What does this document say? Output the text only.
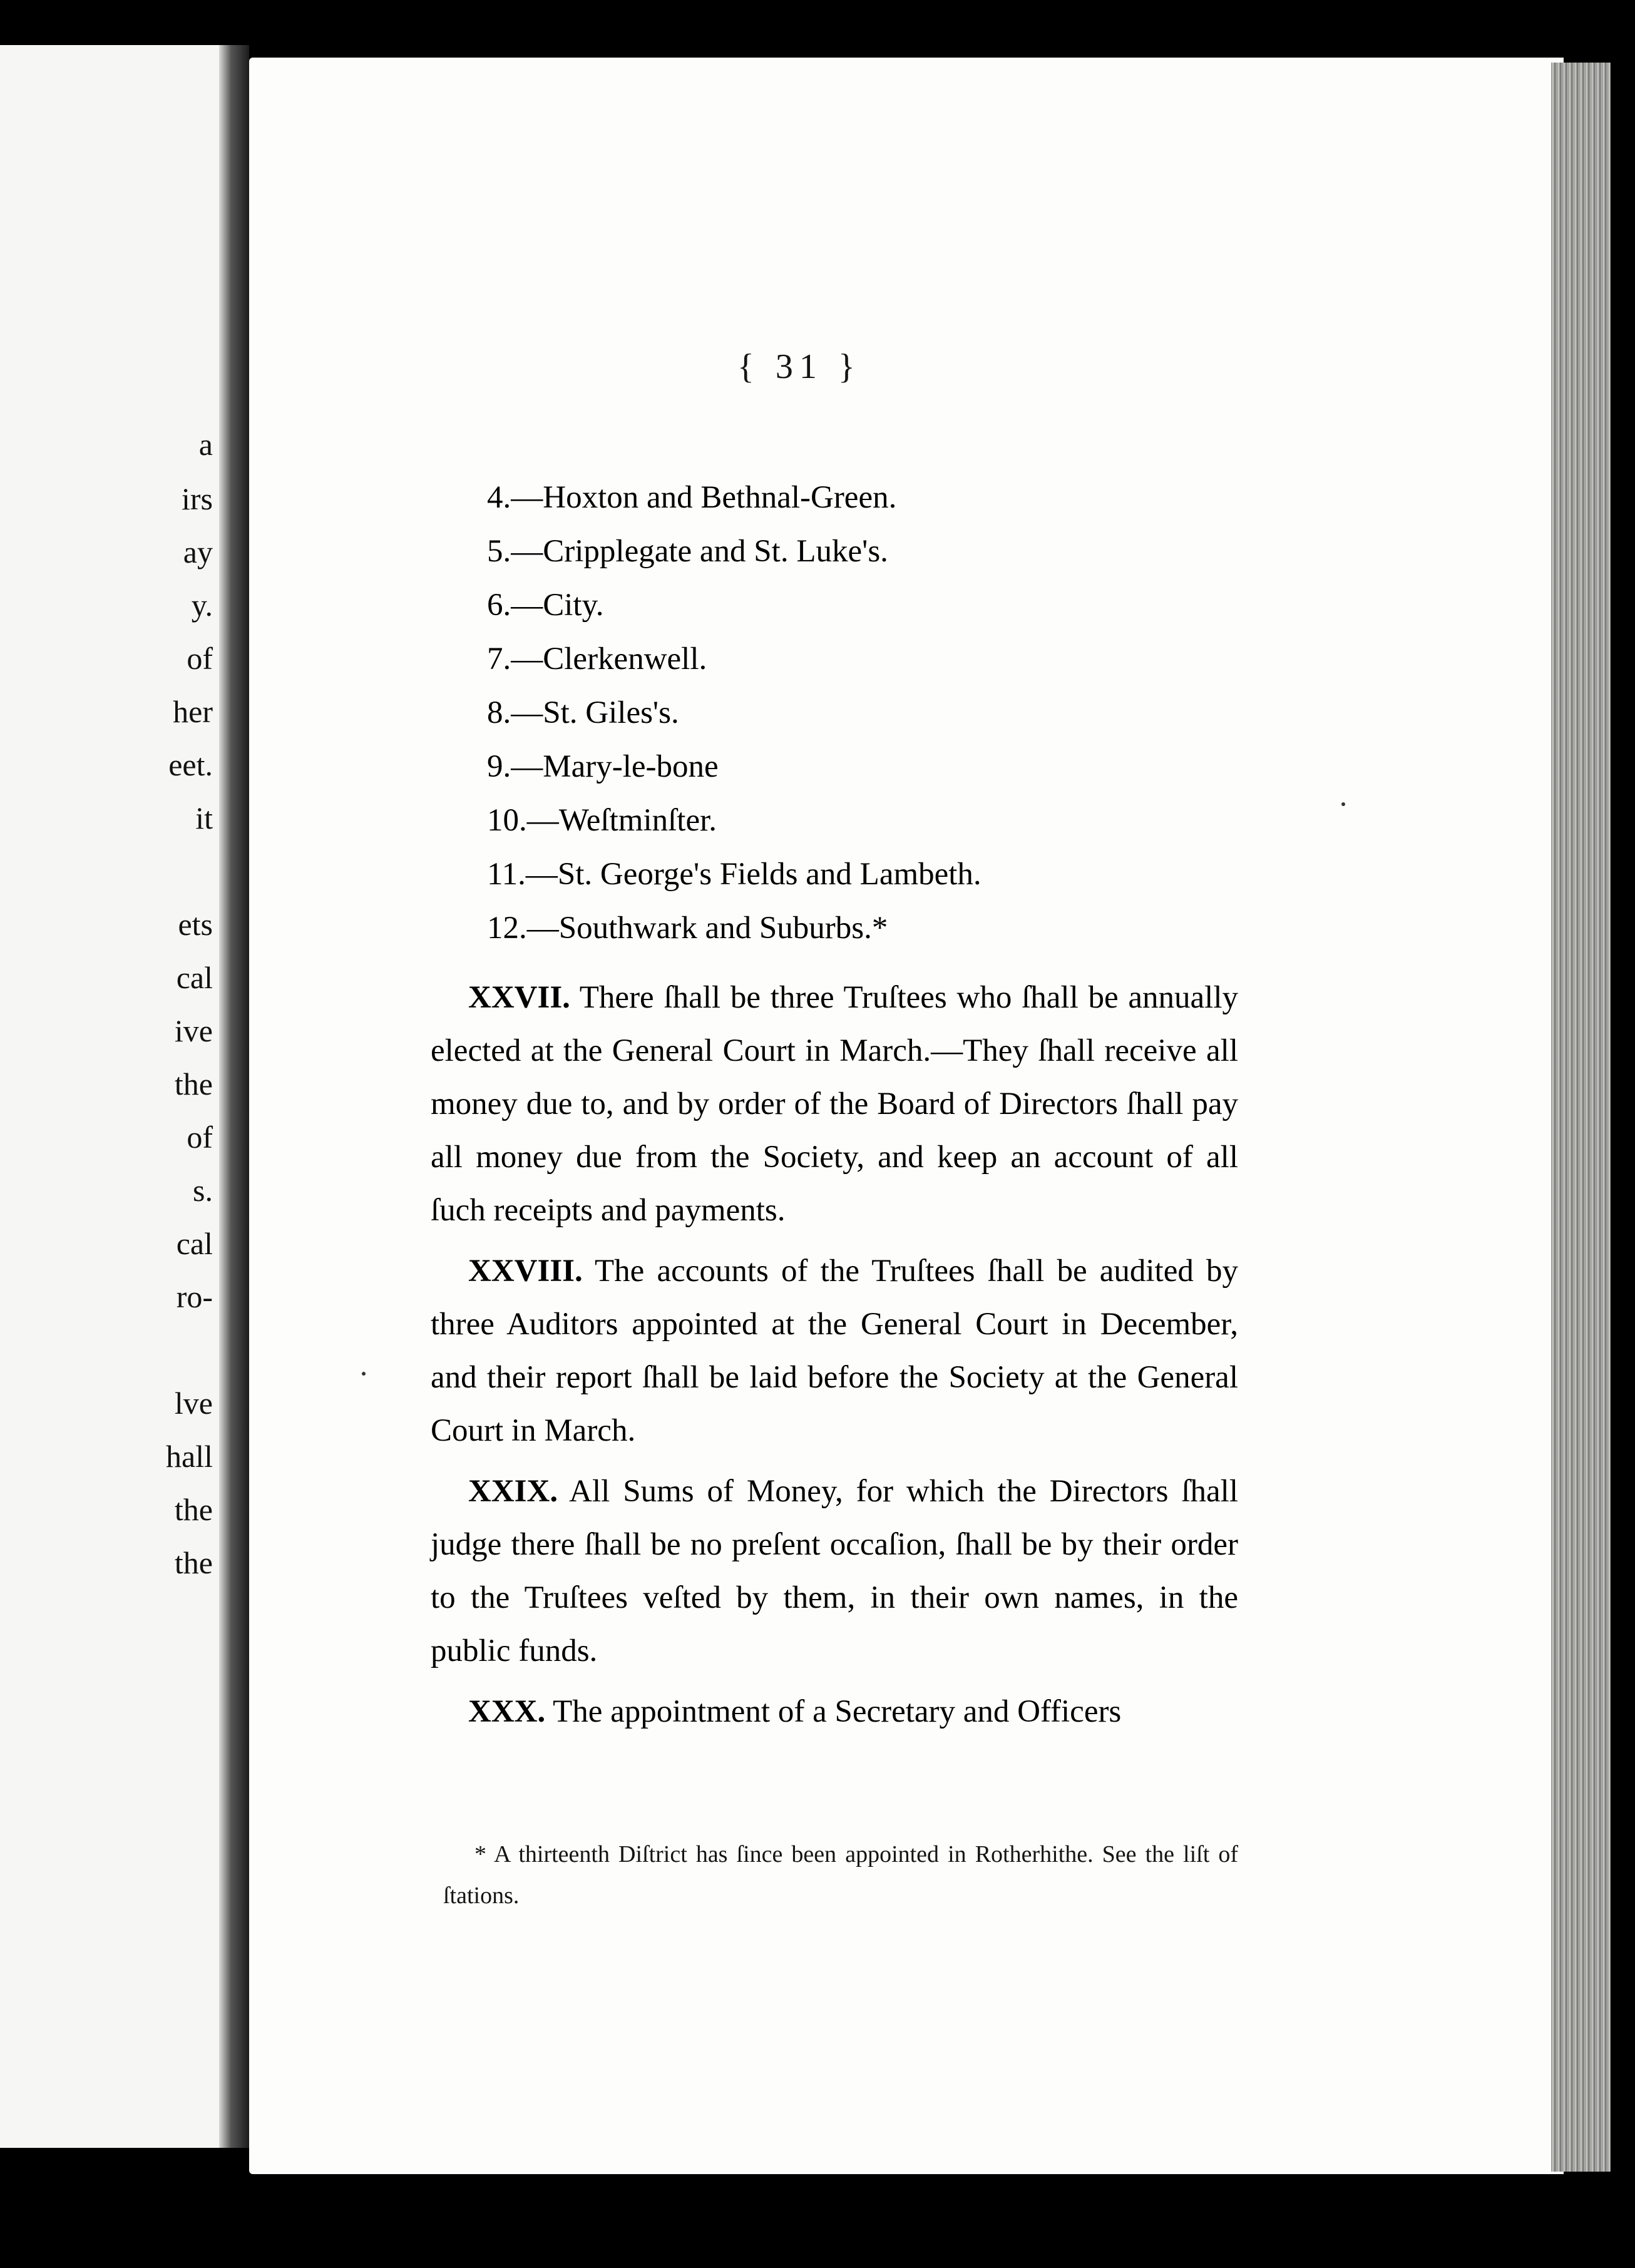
a
irs
ay
y.
of
her
eet.
it
ets
cal
ive
the
of
s.
cal
ro-
lve
hall
the
the
{ 31 }
4.—Hoxton and Bethnal-Green.
5.—Cripplegate and St. Luke's.
6.—City.
7.—Clerkenwell.
8.—St. Giles's.
9.—Mary-le-bone
10.—Weſtminſter.
11.—St. George's Fields and Lambeth.
12.—Southwark and Suburbs.*

XXVII. There ſhall be three Truſtees who ſhall be annually elected at the General Court in March.—They ſhall receive all money due to, and by order of the Board of Directors ſhall pay all money due from the Society, and keep an account of all ſuch receipts and payments.

XXVIII. The accounts of the Truſtees ſhall be audited by three Auditors appointed at the General Court in December, and their report ſhall be laid before the Society at the General Court in March.

XXIX. All Sums of Money, for which the Directors ſhall judge there ſhall be no preſent occaſion, ſhall be by their order to the Truſtees veſted by them, in their own names, in the public funds.

XXX. The appointment of a Secretary and Officers

* A thirteenth Diſtrict has ſince been appointed in Rotherhithe. See the liſt of ſtations.
